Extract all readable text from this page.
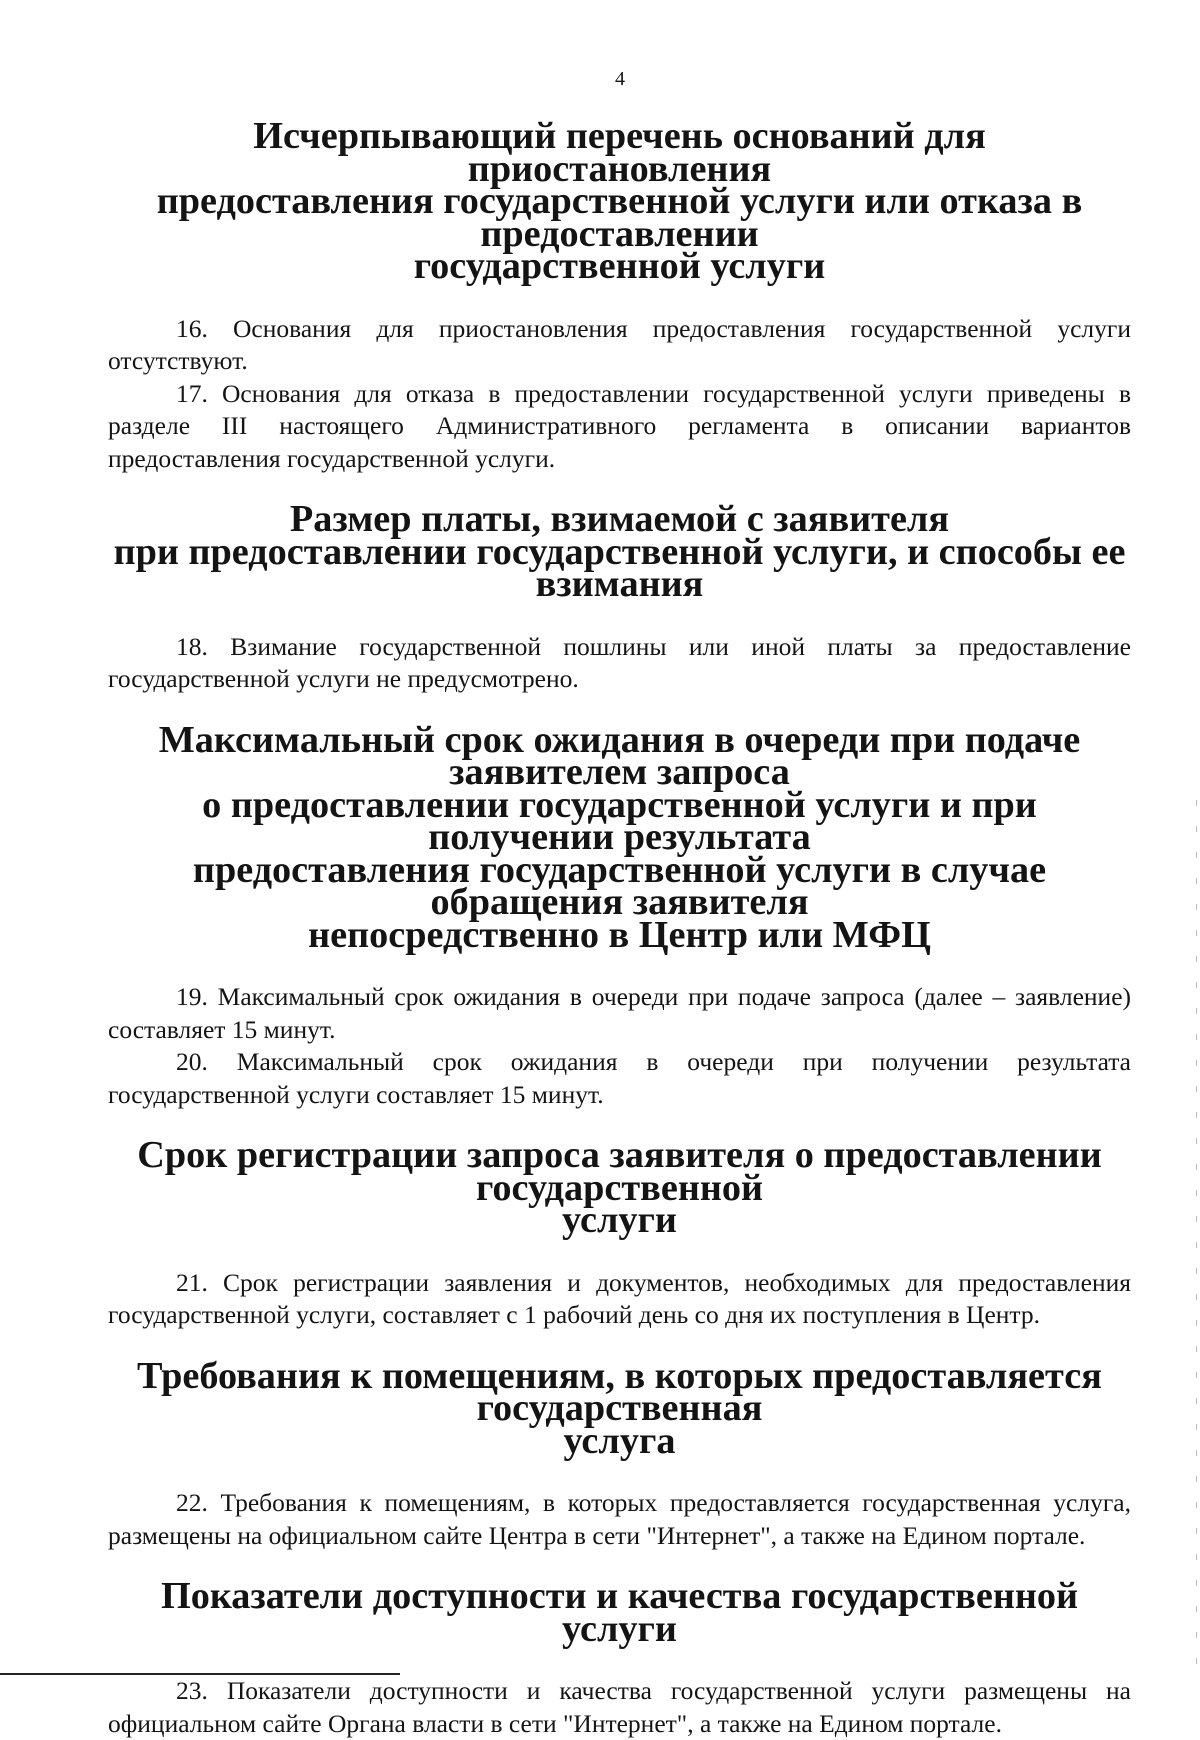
4
Исчерпывающий перечень оснований для приостановления
предоставления государственной услуги или отказа в предоставлении
государственной услуги

16. Основания для приостановления предоставления государственной услуги отсутствуют.

17. Основания для отказа в предоставлении государственной услуги приведены в разделе III настоящего Административного регламента в описании вариантов предоставления государственной услуги.

Размер платы, взимаемой с заявителя
при предоставлении государственной услуги, и способы ее взимания

18. Взимание государственной пошлины или иной платы за предоставление государственной услуги не предусмотрено.

Максимальный срок ожидания в очереди при подаче заявителем запроса
о предоставлении государственной услуги и при получении результата
предоставления государственной услуги в случае обращения заявителя
непосредственно в Центр или МФЦ

19. Максимальный срок ожидания в очереди при подаче запроса (далее – заявление) составляет 15 минут.

20. Максимальный срок ожидания в очереди при получении результата государственной услуги составляет 15 минут.

Срок регистрации запроса заявителя о предоставлении государственной
услуги

21. Срок регистрации заявления и документов, необходимых для предоставления государственной услуги, составляет с 1 рабочий день со дня их поступления в Центр.

Требования к помещениям, в которых предоставляется государственная
услуга

22. Требования к помещениям, в которых предоставляется государственная услуга, размещены на официальном сайте Центра в сети "Интернет", а также на Едином портале.

Показатели доступности и качества государственной услуги

23. Показатели доступности и качества государственной услуги размещены на официальном сайте Органа власти в сети "Интернет", а также на Едином портале.
